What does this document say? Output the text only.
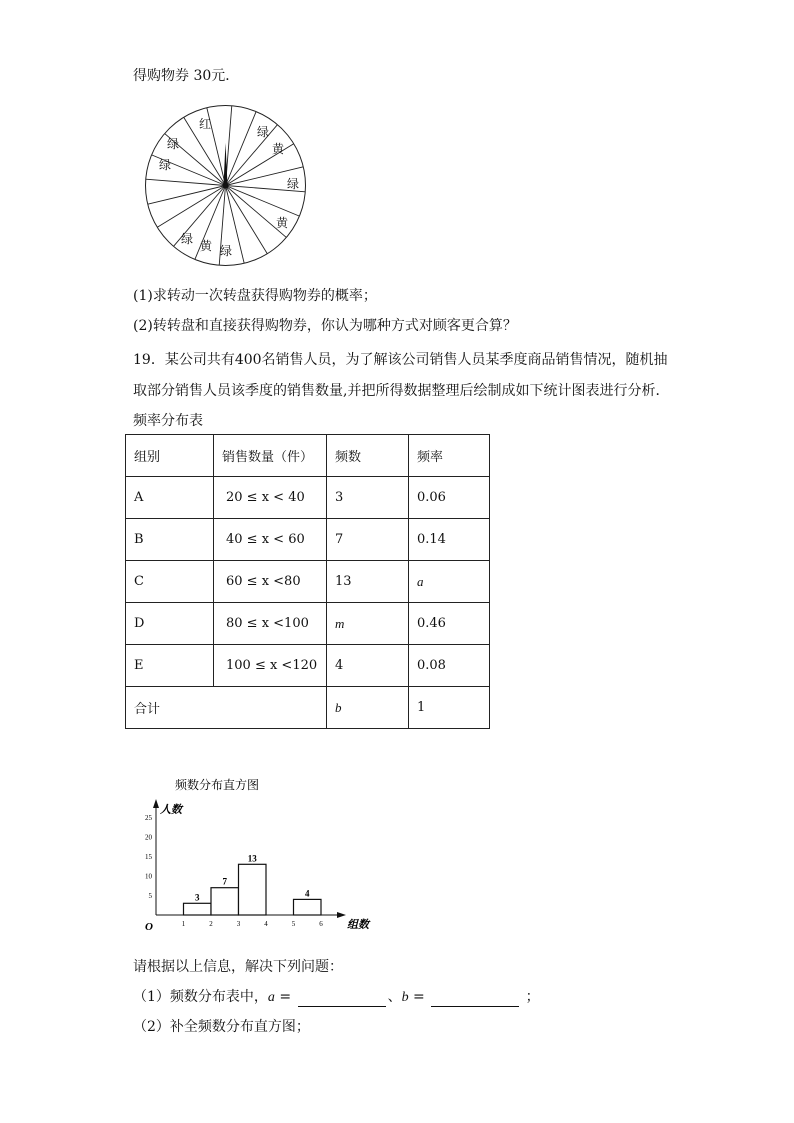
得购物券 30元．
红
绿
绿
黄
绿
黄
绿
绿 黄 绿
(1)求转动一次转盘获得购物券的概率；
(2)转转盘和直接获得购物券，你认为哪种方式对顾客更合算？
19．某公司共有400名销售人员，为了解该公司销售人员某季度商品销售情况，随机抽
取部分销售人员该季度的销售数量,并把所得数据整理后绘制成如下统计图表进行分析．
频率分布表
组别	销售数量（件）	频数	频率
A	20 ≤ x < 40	3	0.06
B	40 ≤ x < 60	7	0.14
C	60 ≤ x <80	13	a
D	80 ≤ x <100	m	0.46
E	100 ≤ x <120	4	0.08
合计		b	1
频数分布直方图
人数
组数
O	1	2	3	4	5	6
5
10
15
20
25
3
7
13
4
请根据以上信息，解决下列问题：
（1）频数分布表中，a =	、b =	；
（2）补全频数分布直方图；
